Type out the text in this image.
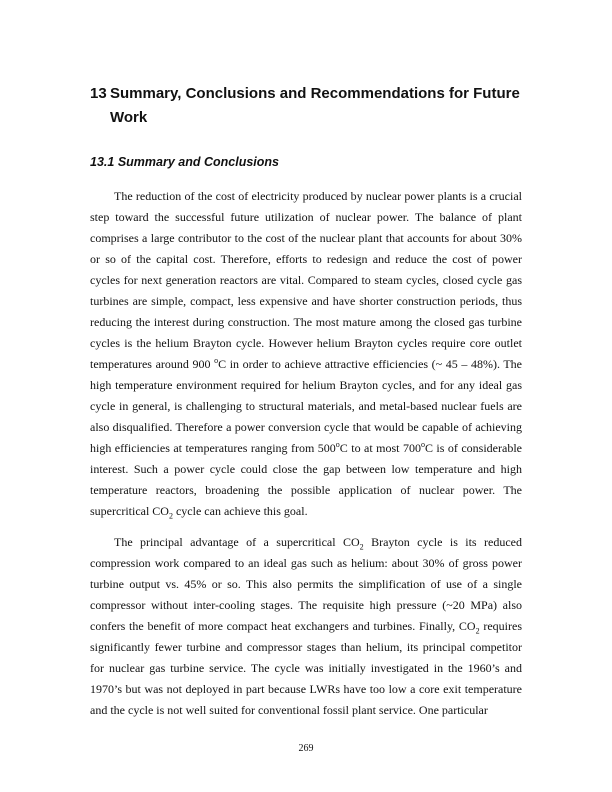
13 Summary, Conclusions and Recommendations for Future Work
13.1 Summary and Conclusions

The reduction of the cost of electricity produced by nuclear power plants is a crucial step toward the successful future utilization of nuclear power. The balance of plant comprises a large contributor to the cost of the nuclear plant that accounts for about 30% or so of the capital cost. Therefore, efforts to redesign and reduce the cost of power cycles for next generation reactors are vital. Compared to steam cycles, closed cycle gas turbines are simple, compact, less expensive and have shorter construction periods, thus reducing the interest during construction. The most mature among the closed gas turbine cycles is the helium Brayton cycle. However helium Brayton cycles require core outlet temperatures around 900 $^o$C in order to achieve attractive efficiencies (~ 45 – 48%). The high temperature environment required for helium Brayton cycles, and for any ideal gas cycle in general, is challenging to structural materials, and metal-based nuclear fuels are also disqualified. Therefore a power conversion cycle that would be capable of achieving high efficiencies at temperatures ranging from 500$^o$C to at most 700$^o$C is of considerable interest. Such a power cycle could close the gap between low temperature and high temperature reactors, broadening the possible application of nuclear power. The supercritical $CO_2$ cycle can achieve this goal.

The principal advantage of a supercritical $CO_2$ Brayton cycle is its reduced compression work compared to an ideal gas such as helium: about 30% of gross power turbine output vs. 45% or so. This also permits the simplification of use of a single compressor without inter-cooling stages. The requisite high pressure (~20 MPa) also confers the benefit of more compact heat exchangers and turbines. Finally, $CO_2$ requires significantly fewer turbine and compressor stages than helium, its principal competitor for nuclear gas turbine service. The cycle was initially investigated in the 1960’s and 1970’s but was not deployed in part because LWRs have too low a core exit temperature and the cycle is not well suited for conventional fossil plant service. One particular

269
